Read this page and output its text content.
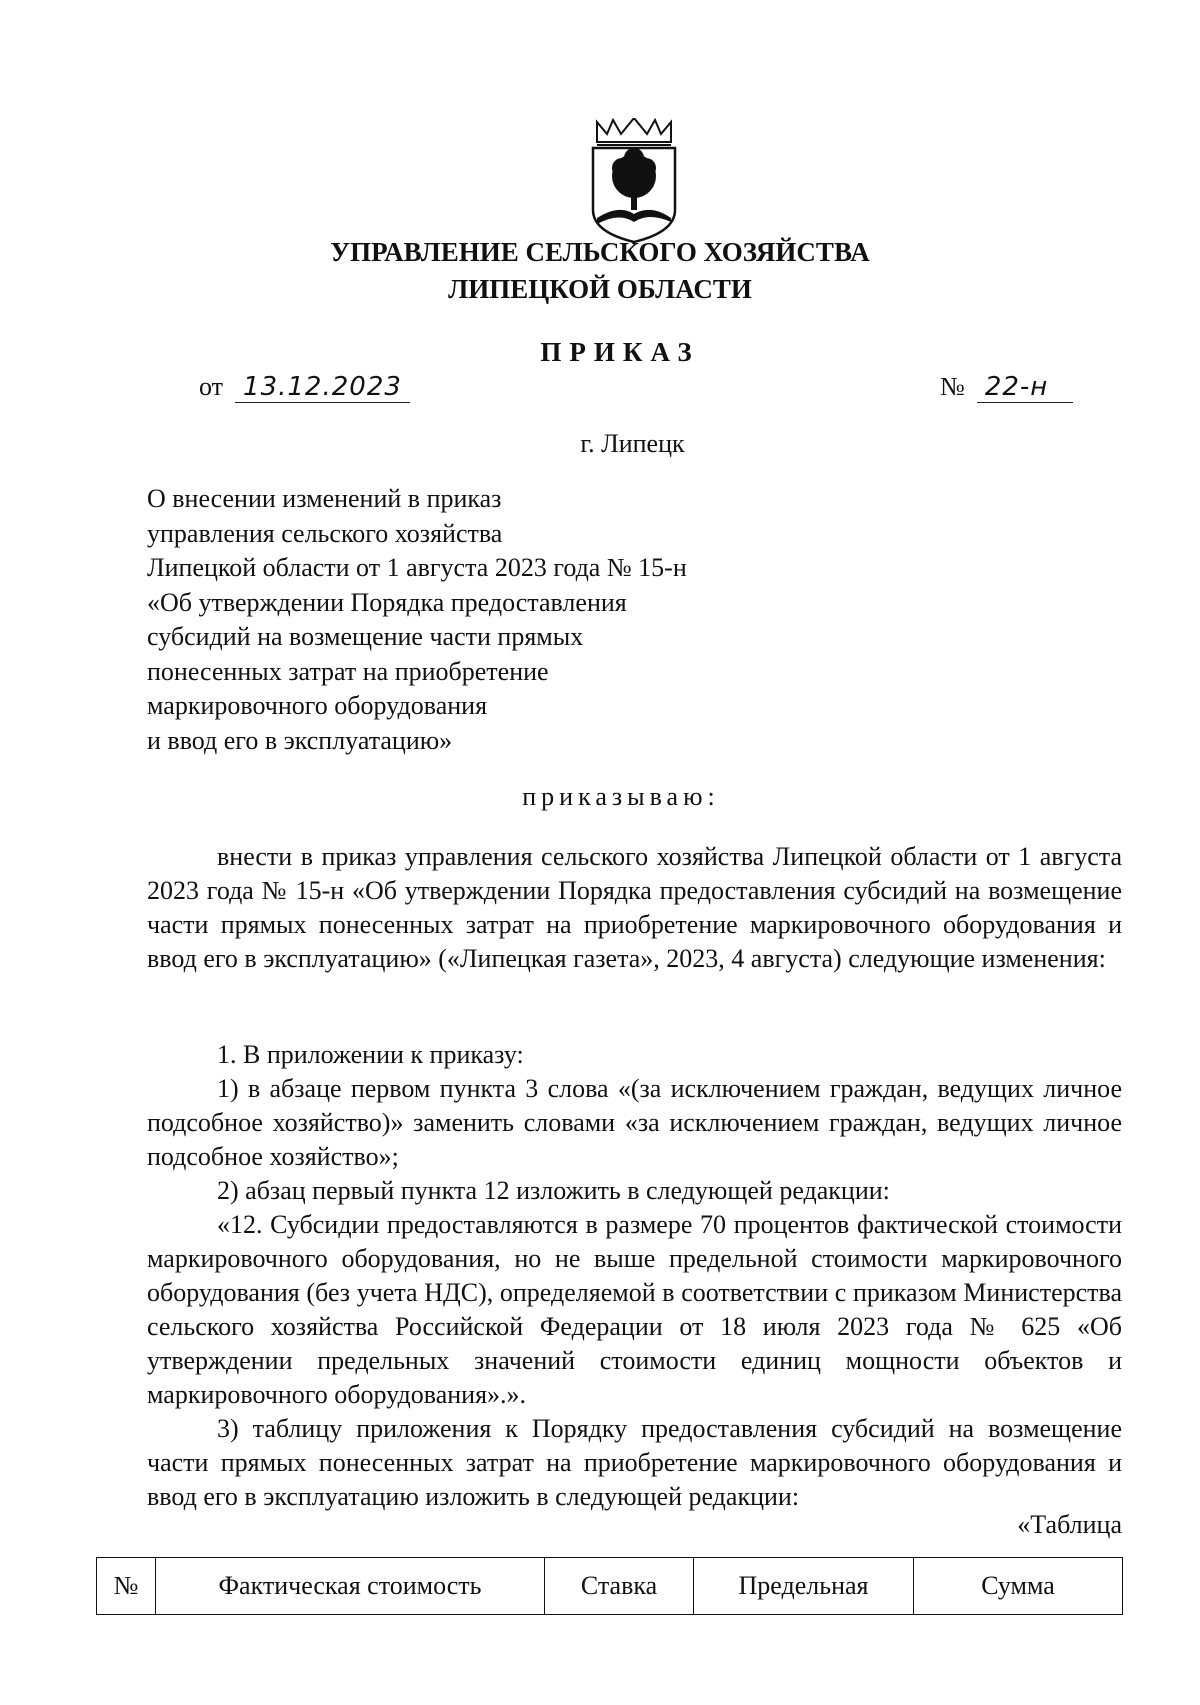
УПРАВЛЕНИЕ СЕЛЬСКОГО ХОЗЯЙСТВА
ЛИПЕЦКОЙ ОБЛАСТИ
ПРИКАЗ
от 13.12.2023	№ 22-н
г. Липецк
О внесении изменений в приказ
управления сельского хозяйства
Липецкой области от 1 августа 2023 года № 15-н
«Об утверждении Порядка предоставления
субсидий на возмещение части прямых
понесенных затрат на приобретение
маркировочного оборудования
и ввод его в эксплуатацию»
приказываю:

внести в приказ управления сельского хозяйства Липецкой области от 1 августа 2023 года № 15-н «Об утверждении Порядка предоставления субсидий на возмещение части прямых понесенных затрат на приобретение маркировочного оборудования и ввод его в эксплуатацию» («Липецкая газета», 2023, 4 августа) следующие изменения:

1. В приложении к приказу:

1) в абзаце первом пункта 3 слова «(за исключением граждан, ведущих личное подсобное хозяйство)» заменить словами «за исключением граждан, ведущих личное подсобное хозяйство»;

2) абзац первый пункта 12 изложить в следующей редакции:

«12. Субсидии предоставляются в размере 70 процентов фактической стоимости маркировочного оборудования, но не выше предельной стоимости маркировочного оборудования (без учета НДС), определяемой в соответствии с приказом Министерства сельского хозяйства Российской Федерации от 18 июля 2023 года № 625 «Об утверждении предельных значений стоимости единиц мощности объектов и маркировочного оборудования».».

3) таблицу приложения к Порядку предоставления субсидий на возмещение части прямых понесенных затрат на приобретение маркировочного оборудования и ввод его в эксплуатацию изложить в следующей редакции:

«Таблица
№	Фактическая стоимость	Ставка	Предельная	Сумма
